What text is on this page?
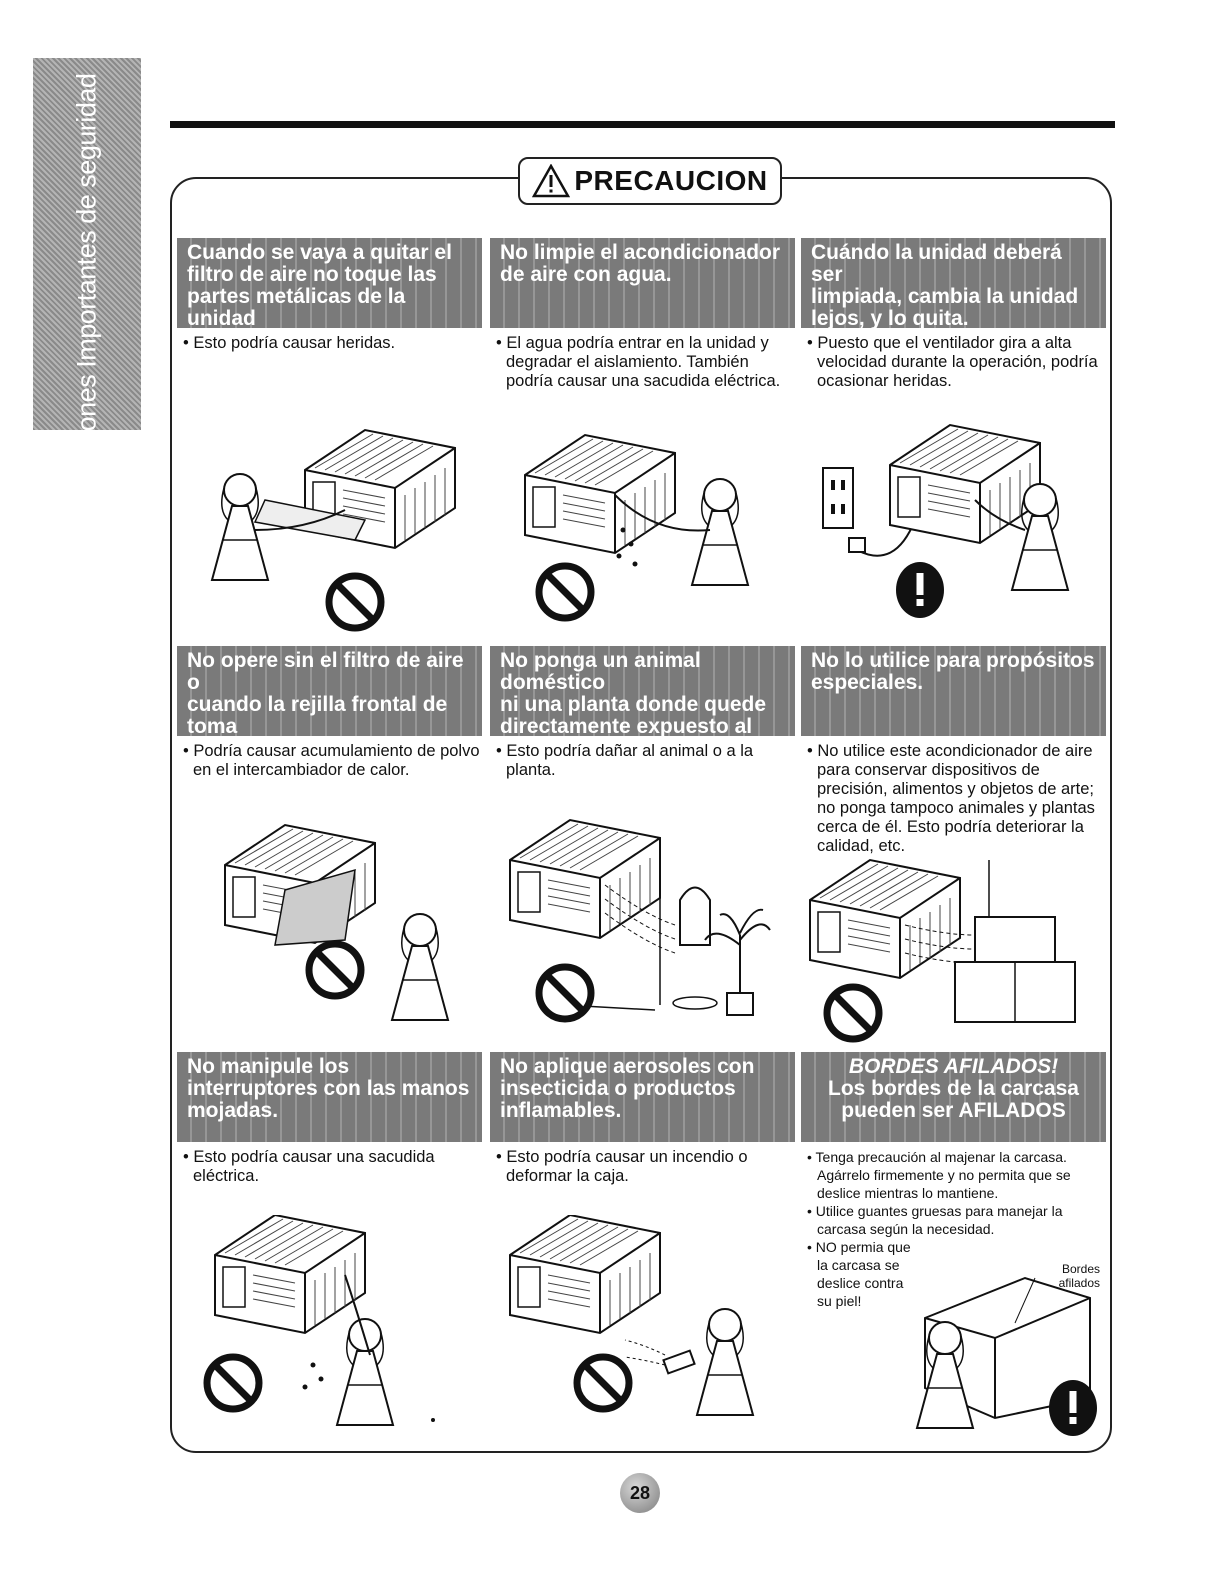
Precauciones Importantes de seguridad	PRECAUCION
Cuando se vaya a quitar el
filtro de aire no toque las
partes metálicas de la unidad

• Esto podría causar heridas.

No limpie el acondicionador
de aire con agua.

• El agua podría entrar en la unidad y degradar el aislamiento. También podría causar una sacudida eléctrica.

Cuándo la unidad deberá ser
limpiada, cambia la unidad
lejos, y lo quita.

• Puesto que el ventilador gira a alta velocidad durante la operación, podría ocasionar heridas.

No opere sin el filtro de aire o
cuando la rejilla frontal de toma

• Podría causar acumulamiento de polvo en el intercambiador de calor.

No ponga un animal doméstico
ni una planta donde quede
directamente expuesto al

• Esto podría dañar al animal o a la planta.

No lo utilice para propósitos
especiales.

• No utilice este acondicionador de aire para conservar dispositivos de precisión, alimentos y objetos de arte; no ponga tampoco animales y plantas cerca de él. Esto podría deteriorar la calidad, etc.

No manipule los
interruptores con las manos
mojadas.

• Esto podría causar una sacudida eléctrica.

No aplique aerosoles con
insecticida o productos
inflamables.

• Esto podría causar un incendio o deformar la caja.

BORDES AFILADOS!
Los bordes de la carcasa
pueden ser AFILADOS

• Tenga precaución al majenar la carcasa. Agárrelo firmemente y no permita que se deslice mientras lo mantiene.

• Utilice guantes gruesas para manejar la carcasa según la necesidad.

• NO permia que la carcasa se deslice contra su piel!

Bordes afilados
28
